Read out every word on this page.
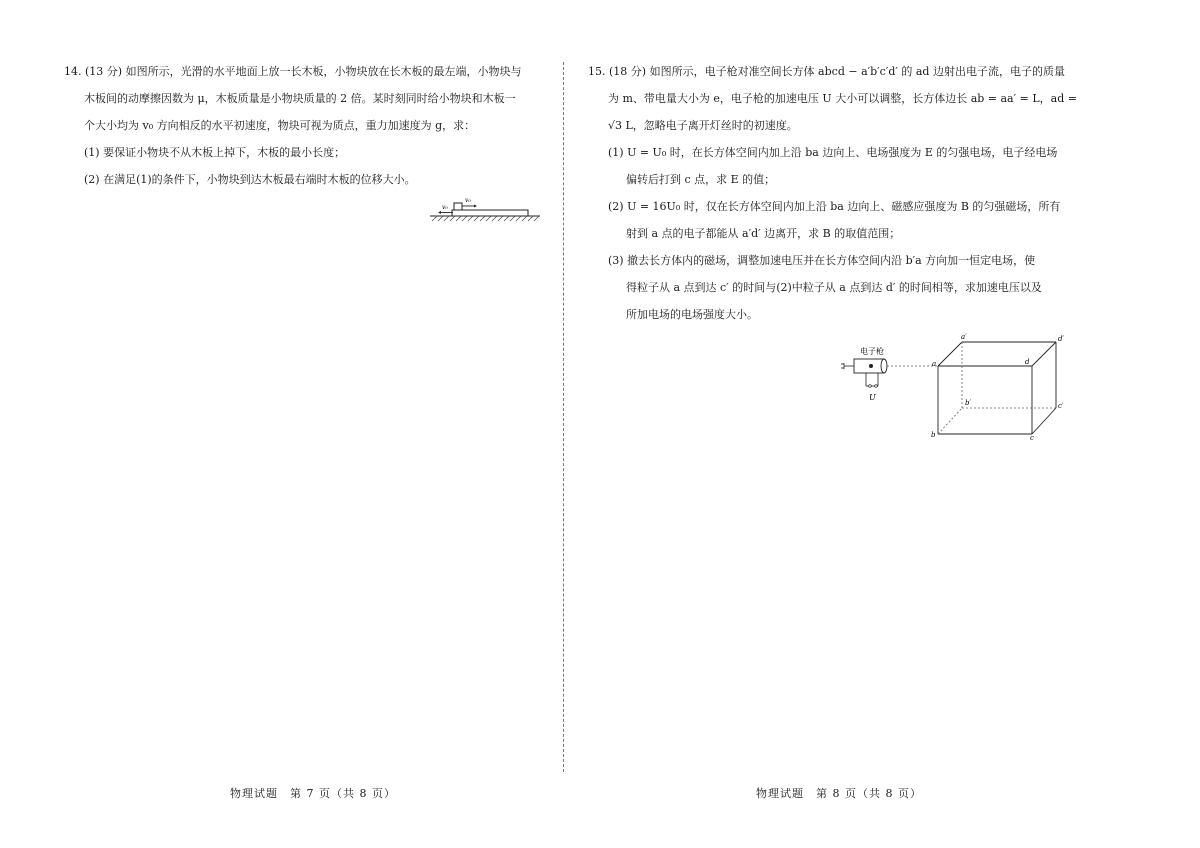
14. (13 分) 如图所示，光滑的水平地面上放一长木板，小物块放在长木板的最左端，小物块与
木板间的动摩擦因数为 μ，木板质量是小物块质量的 2 倍。某时刻同时给小物块和木板一
个大小均为 v₀ 方向相反的水平初速度，物块可视为质点，重力加速度为 g，求：
(1) 要保证小物块不从木板上掉下，木板的最小长度；
(2) 在满足(1)的条件下，小物块到达木板最右端时木板的位移大小。
v₀
v₀
15. (18 分) 如图所示，电子枪对准空间长方体 abcd − a′b′c′d′ 的 ad 边射出电子流，电子的质量
为 m、带电量大小为 e，电子枪的加速电压 U 大小可以调整，长方体边长 ab = aa′ = L，ad =
√3 L，忽略电子离开灯丝时的初速度。
(1) U = U₀ 时，在长方体空间内加上沿 ba 边向上、电场强度为 E 的匀强电场，电子经电场
偏转后打到 c 点，求 E 的值；
(2) U = 16U₀ 时，仅在长方体空间内加上沿 ba 边向上、磁感应强度为 B 的匀强磁场，所有
射到 a 点的电子都能从 a′d′ 边离开，求 B 的取值范围；
(3) 撤去长方体内的磁场，调整加速电压并在长方体空间内沿 b′a 方向加一恒定电场，使
得粒子从 a 点到达 c′ 的时间与(2)中粒子从 a 点到达 d′ 的时间相等，求加速电压以及
所加电场的电场强度大小。
电子枪
U
a′	d′
a	d
b′	c′
b	c
物理试题　第 7 页（共 8 页）	物理试题　第 8 页（共 8 页）
